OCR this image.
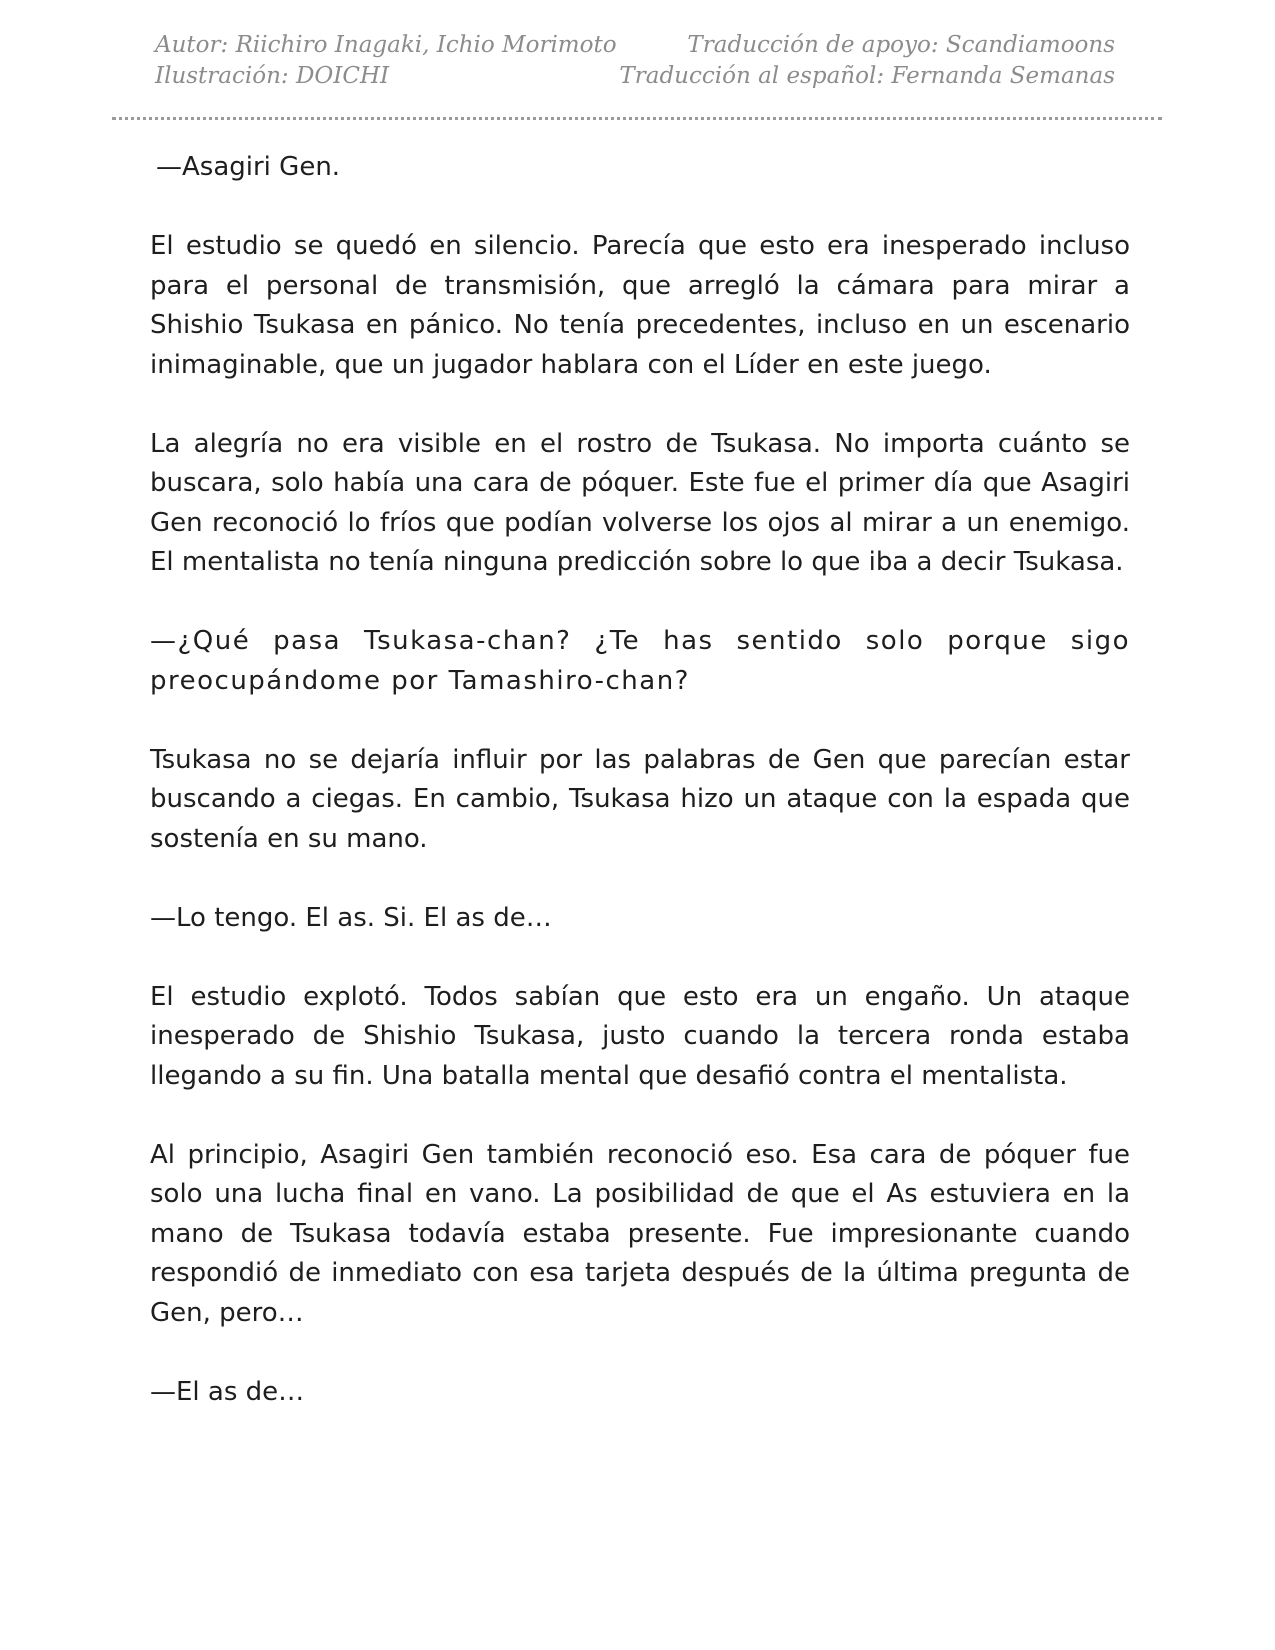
Autor: Riichiro Inagaki, Ichio Morimoto
Ilustración: DOICHI
Traducción de apoyo: Scandiamoons
Traducción al español: Fernanda Semanas

—Asagiri Gen.

El estudio se quedó en silencio. Parecía que esto era inesperado incluso para el personal de transmisión, que arregló la cámara para mirar a Shishio Tsukasa en pánico. No tenía precedentes, incluso en un escenario inimaginable, que un jugador hablara con el Líder en este juego.

La alegría no era visible en el rostro de Tsukasa. No importa cuánto se buscara, solo había una cara de póquer. Este fue el primer día que Asagiri Gen reconoció lo fríos que podían volverse los ojos al mirar a un enemigo. El mentalista no tenía ninguna predicción sobre lo que iba a decir Tsukasa.

—¿Qué pasa Tsukasa-chan? ¿Te has sentido solo porque sigo preocupándome por Tamashiro-chan?

Tsukasa no se dejaría influir por las palabras de Gen que parecían estar buscando a ciegas. En cambio, Tsukasa hizo un ataque con la espada que sostenía en su mano.

—Lo tengo. El as. Si. El as de…

El estudio explotó. Todos sabían que esto era un engaño. Un ataque inesperado de Shishio Tsukasa, justo cuando la tercera ronda estaba llegando a su fin. Una batalla mental que desafió contra el mentalista.

Al principio, Asagiri Gen también reconoció eso. Esa cara de póquer fue solo una lucha final en vano. La posibilidad de que el As estuviera en la mano de Tsukasa todavía estaba presente. Fue impresionante cuando respondió de inmediato con esa tarjeta después de la última pregunta de Gen, pero…

—El as de…
